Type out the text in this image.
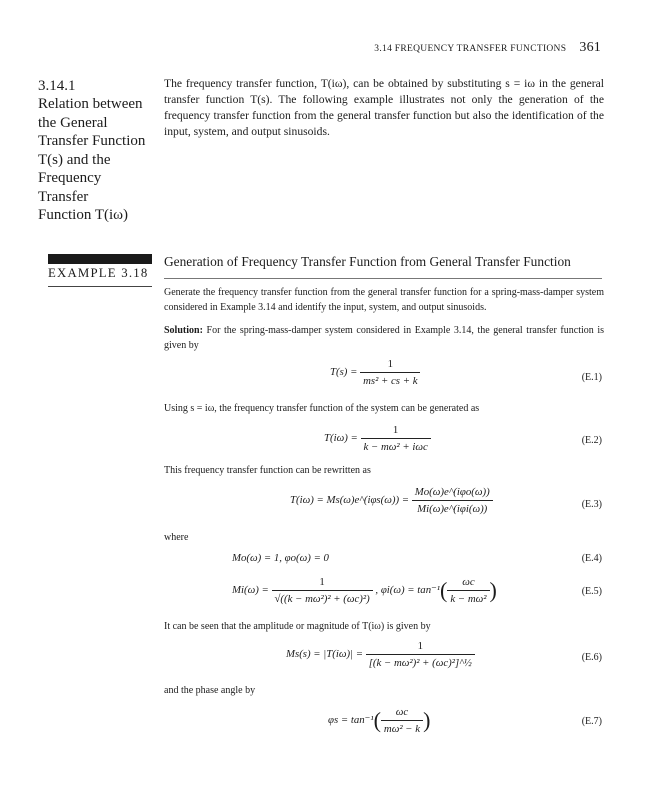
3.14 FREQUENCY TRANSFER FUNCTIONS 361
3.14.1
Relation between
the General
Transfer Function
T(s) and the
Frequency
Transfer
Function T(iω)
The frequency transfer function, T(iω), can be obtained by substituting s = iω in the general transfer function T(s). The following example illustrates not only the generation of the frequency transfer function from the general transfer function but also the identification of the input, system, and output sinusoids.
EXAMPLE 3.18
Generation of Frequency Transfer Function from General Transfer Function
Generate the frequency transfer function from the general transfer function for a spring-mass-damper system considered in Example 3.14 and identify the input, system, and output sinusoids.
Solution: For the spring-mass-damper system considered in Example 3.14, the general transfer function is given by
$T(s) = \frac{1}{\text{ms² + cs + k}}$	(E.1)
Using s = iω, the frequency transfer function of the system can be generated as
$T(i\omega) = \frac{1}{\text{k − mω² + iωc}}$	(E.2)
This frequency transfer function can be rewritten as
T(iω) = Ms(ω)e^(iφs(ω)) = $\frac{\text{Mo(ω)e\textasciicircum{}(iφo(ω))}}{\text{Mi(ω)e\textasciicircum{}(iφi(ω))}}$	(E.3)
where
Mo(ω) = 1, φo(ω) = 0	(E.4)
$Mi(\omega) = \frac{1}{\text{√((k − mω²)² + (ωc)²)}}$ , $\varphi i(\omega) = \tan^{-1}( \frac{\omega c}{\text{k − mω²}}$ )	(E.5)
It can be seen that the amplitude or magnitude of T(iω) is given by
$Ms(s) = |T(i\omega)| = \frac{1}{\text{[(k − mω²)² + (ωc)²]\textasciicircum{}½}}$	(E.6)
and the phase angle by
$\varphi s = \tan^{-1}( \frac{\omega c}{\text{mω² − k}}$ )	(E.7)
